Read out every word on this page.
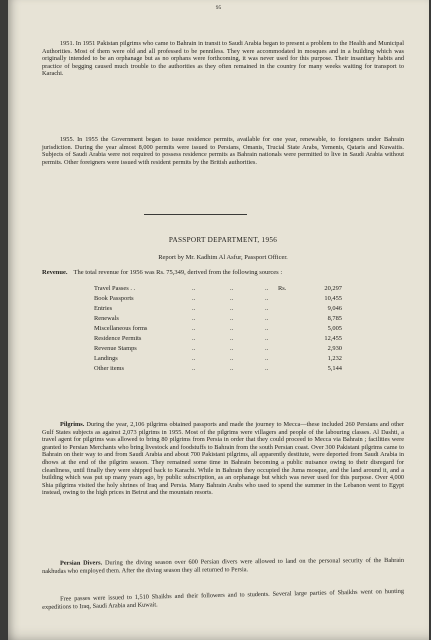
95

1951. In 1951 Pakistan pilgrims who came to Bahrain in transit to Saudi Arabia began to present a problem to the Health and Municipal Authorities. Most of them were old and all professed to be penniless. They were accommodated in mosques and in a building which was originally intended to be an orphanage but as no orphans were forthcoming, it was never used for this purpose. Their insanitary habits and practice of begging caused much trouble to the authorities as they often remained in the country for many weeks waiting for transport to Karachi.

1955. In 1955 the Government began to issue residence permits, available for one year, renewable, to foreigners under Bahrain jurisdiction. During the year almost 8,000 permits were issued to Persians, Omanis, Trucial State Arabs, Yemenis, Qataris and Kuwaitis. Subjects of Saudi Arabia were not required to possess residence permits as Bahrain nationals were permitted to live in Saudi Arabia without permits. Other foreigners were issued with resident permits by the British authorities.

PASSPORT DEPARTMENT, 1956
Report by Mr. Kadhim Al Asfur, Passport Officer.
Revenue. The total revenue for 1956 was Rs. 75,349, derived from the following sources :
Travel Passes . .	..	..	.. Rs.	20,297
Book Passports	..	..	..	10,455
Entries	..	..	..	9,046
Renewals	..	..	..	8,785
Miscellaneous forms	..	..	..	5,005
Residence Permits	..	..	..	12,455
Revenue Stamps	..	..	..	2,930
Landings	..	..	..	1,232
Other items	..	..	..	5,144

Pilgrims. During the year, 2,106 pilgrims obtained passports and made the journey to Mecca—these included 260 Persians and other Gulf States subjects as against 2,073 pilgrims in 1955. Most of the pilgrims were villagers and people of the labouring classes. Al Dashti, a travel agent for pilgrims was allowed to bring 80 pilgrims from Persia in order that they could proceed to Mecca via Bahrain ; facilities were granted to Persian Merchants who bring livestock and foodstuffs to Bahrain from the south Persian coast. Over 300 Pakistani pilgrims came to Bahrain on their way to and from Saudi Arabia and about 700 Pakistani pilgrims, all apparently destitute, were deported from Saudi Arabia in dhows at the end of the pilgrim season. They remained some time in Bahrain becoming a public nuisance owing to their disregard for cleanliness, until finally they were shipped back to Karachi. While in Bahrain they occupied the Juma mosque, and the land around it, and a building which was put up many years ago, by public subscription, as an orphanage but which was never used for this purpose. Over 4,000 Shia pilgrims visited the holy shrines of Iraq and Persia. Many Bahrain Arabs who used to spend the summer in the Lebanon went to Egypt instead, owing to the high prices in Beirut and the mountain resorts.

Persian Divers. During the diving season over 600 Persian divers were allowed to land on the personal security of the Bahrain nakhudas who employed them. After the diving season they all returned to Persia.

Free passes were issued to 1,510 Shaikhs and their followers and to students. Several large parties of Shaikhs went on hunting expeditions to Iraq, Saudi Arabia and Kuwait.
